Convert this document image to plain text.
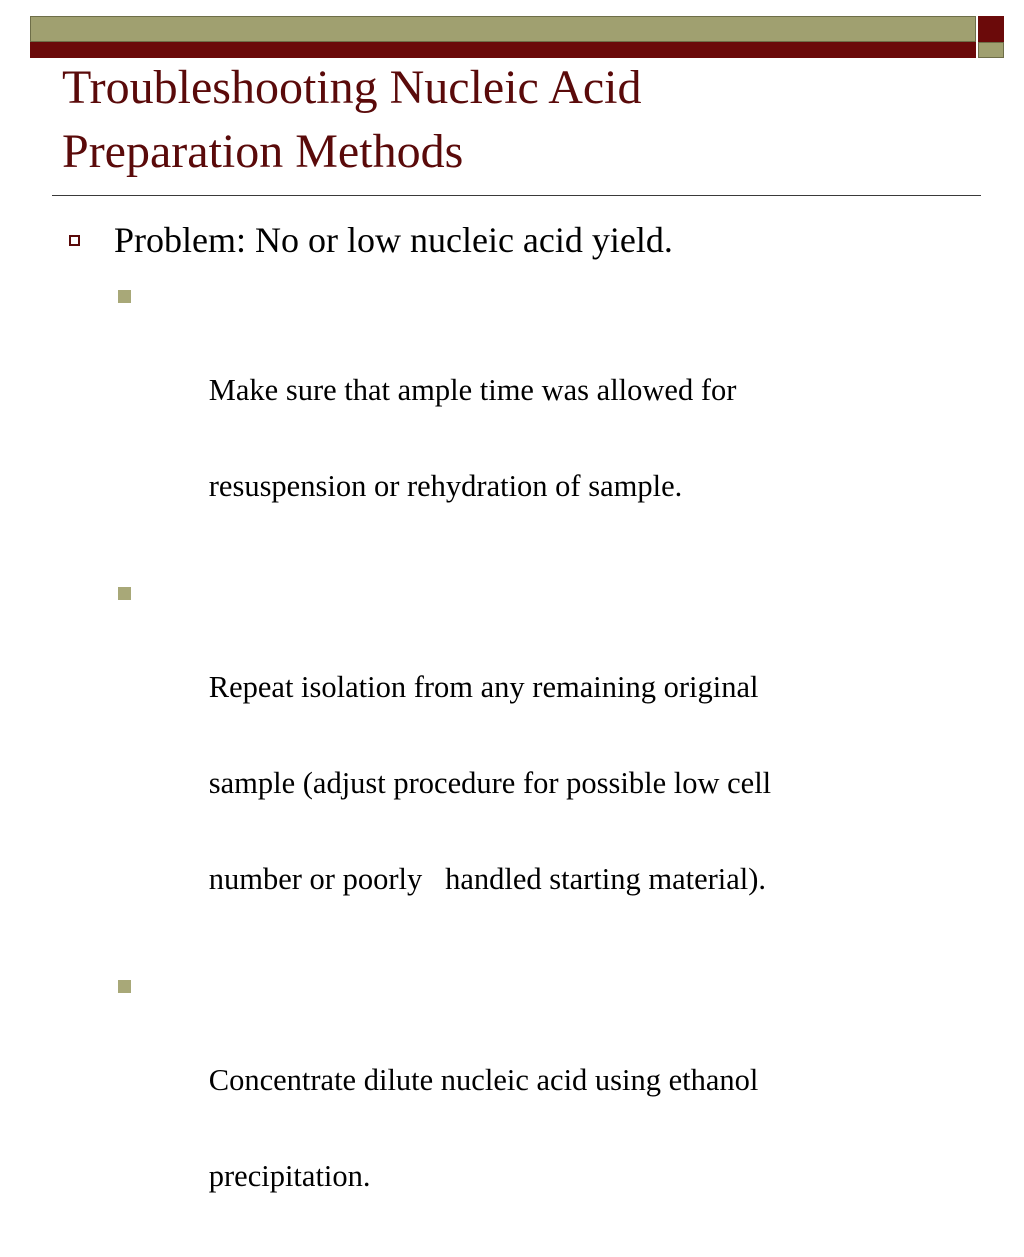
Troubleshooting Nucleic Acid
Preparation Methods
Problem: No or low nucleic acid yield.

Make sure that ample time was allowed for

resuspension or rehydration of sample.

Repeat isolation from any remaining original

sample (adjust procedure for possible low cell

number or poorly   handled starting material).

Concentrate dilute nucleic acid using ethanol

precipitation.
